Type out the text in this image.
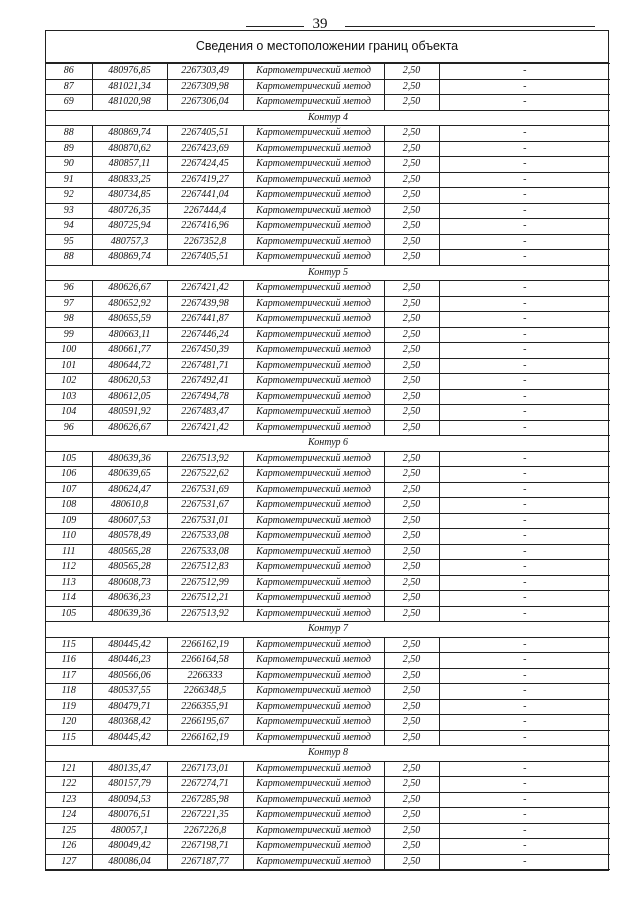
39
Сведения о местоположении границ объекта
86	480976,85	2267303,49	Картометрический метод	2,50	-
87	481021,34	2267309,98	Картометрический метод	2,50	-
69	481020,98	2267306,04	Картометрический метод	2,50	-
Контур 4					
88	480869,74	2267405,51	Картометрический метод	2,50	-
89	480870,62	2267423,69	Картометрический метод	2,50	-
90	480857,11	2267424,45	Картометрический метод	2,50	-
91	480833,25	2267419,27	Картометрический метод	2,50	-
92	480734,85	2267441,04	Картометрический метод	2,50	-
93	480726,35	2267444,4	Картометрический метод	2,50	-
94	480725,94	2267416,96	Картометрический метод	2,50	-
95	480757,3	2267352,8	Картометрический метод	2,50	-
88	480869,74	2267405,51	Картометрический метод	2,50	-
Контур 5					
96	480626,67	2267421,42	Картометрический метод	2,50	-
97	480652,92	2267439,98	Картометрический метод	2,50	-
98	480655,59	2267441,87	Картометрический метод	2,50	-
99	480663,11	2267446,24	Картометрический метод	2,50	-
100	480661,77	2267450,39	Картометрический метод	2,50	-
101	480644,72	2267481,71	Картометрический метод	2,50	-
102	480620,53	2267492,41	Картометрический метод	2,50	-
103	480612,05	2267494,78	Картометрический метод	2,50	-
104	480591,92	2267483,47	Картометрический метод	2,50	-
96	480626,67	2267421,42	Картометрический метод	2,50	-
Контур 6					
105	480639,36	2267513,92	Картометрический метод	2,50	-
106	480639,65	2267522,62	Картометрический метод	2,50	-
107	480624,47	2267531,69	Картометрический метод	2,50	-
108	480610,8	2267531,67	Картометрический метод	2,50	-
109	480607,53	2267531,01	Картометрический метод	2,50	-
110	480578,49	2267533,08	Картометрический метод	2,50	-
111	480565,28	2267533,08	Картометрический метод	2,50	-
112	480565,28	2267512,83	Картометрический метод	2,50	-
113	480608,73	2267512,99	Картометрический метод	2,50	-
114	480636,23	2267512,21	Картометрический метод	2,50	-
105	480639,36	2267513,92	Картометрический метод	2,50	-
Контур 7					
115	480445,42	2266162,19	Картометрический метод	2,50	-
116	480446,23	2266164,58	Картометрический метод	2,50	-
117	480566,06	2266333	Картометрический метод	2,50	-
118	480537,55	2266348,5	Картометрический метод	2,50	-
119	480479,71	2266355,91	Картометрический метод	2,50	-
120	480368,42	2266195,67	Картометрический метод	2,50	-
115	480445,42	2266162,19	Картометрический метод	2,50	-
Контур 8					
121	480135,47	2267173,01	Картометрический метод	2,50	-
122	480157,79	2267274,71	Картометрический метод	2,50	-
123	480094,53	2267285,98	Картометрический метод	2,50	-
124	480076,51	2267221,35	Картометрический метод	2,50	-
125	480057,1	2267226,8	Картометрический метод	2,50	-
126	480049,42	2267198,71	Картометрический метод	2,50	-
127	480086,04	2267187,77	Картометрический метод	2,50	-
